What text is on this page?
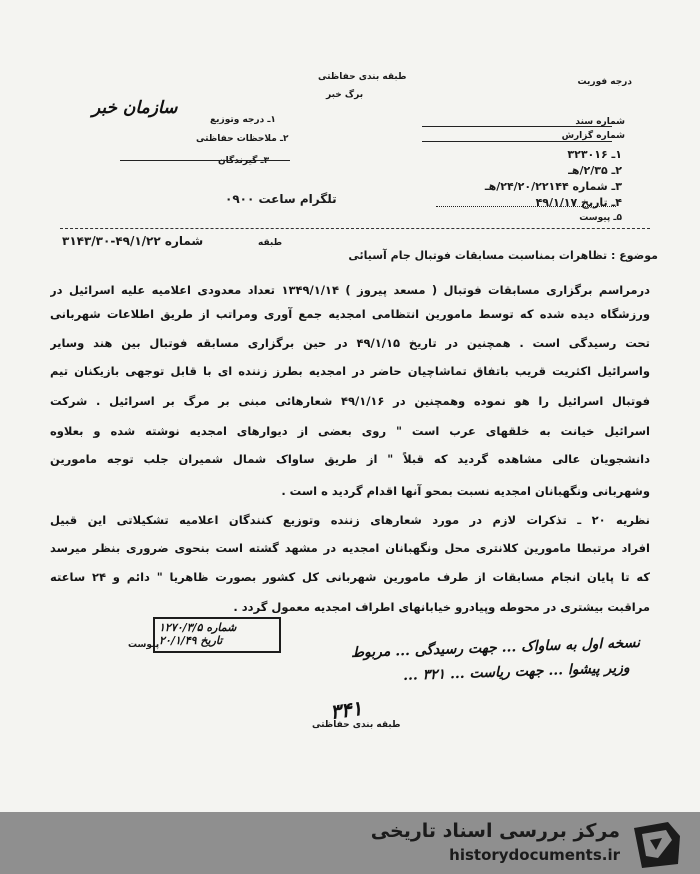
درجه فوریت
طبقه بندی حفاظتی
برگ خبر
۱ـ درجه وتوزیع
۲ـ ملاحظات حفاظتی
۳ـ گیرندگان
سازمان خبر
شماره سند
شماره گزارش
۱ـ ۳۲۳۰۱۶
۲ـ ۲/۳۵/هـ
۳ـ شماره ۲۴/۲۰/۲۲۱۴۴/هـ
۴ـ تاریخ ۴۹/۱/۱۷
۵ـ پیوست
تلگرام ساعت ۰۹۰۰
شماره ۴۹/۱/۲۲-۳۱۴۳/۳۰	طبقه
موضوع : تظاهرات بمناسبت مسابقات فوتبال جام آسیائی
درمراسم برگزاری مسابقات فوتبال ( مسعد پیروز ) ۱۳۴۹/۱/۱۴ تعداد معدودی اعلامیه علیه اسرائیل در
ورزشگاه دیده شده که توسط مامورین انتظامی امجدیه جمع آوری ومراتب از طریق اطلاعات شهربانی
تحت رسیدگی است . همچنین در تاریخ ۴۹/۱/۱۵ در حین برگزاری مسابقه فوتبال بین هند وسایر
واسرائیل اکثریت قریب باتفاق تماشاچیان حاضر در امجدیه بطرز زننده ای با قابل توجهی بازیکنان تیم
فوتبال اسرائیل را هو نموده وهمچنین در ۴۹/۱/۱۶ شعارهائی مبنی بر مرگ بر اسرائیل . شرکت
اسرائیل خیانت به خلقهای عرب است " روی بعضی از دیوارهای امجدیه نوشته شده و بعلاوه
دانشجویان عالی مشاهده گردید که قبلاً " از طریق ساواک شمال شمیران جلب توجه مامورین
وشهربانی ونگهبانان امجدیه نسبت بمحو آنها اقدام گردید ه است .
نظریه ۲۰ ـ تذکرات لازم در مورد شعارهای زننده وتوزیع کنندگان اعلامیه تشکیلاتی این قبیل
افراد مرتبطا مامورین کلانتری محل ونگهبانان امجدیه در مشهد گشته است بنحوی ضروری بنظر میرسد
که تا پایان انجام مسابقات از طرف مامورین شهربانی کل کشور بصورت ظاهریا " دائم و ۲۴ ساعته
مراقبت بیشتری در محوطه وپیادرو خیابانهای اطراف امجدیه معمول گردد .
شماره ۱۲۷۰/۳/۵
تاریخ ۲۰/۱/۴۹
پیوست	نسخه اول به ساواک ... جهت رسیدگی ... مربوط
وزیر پیشوا ... جهت ریاست ... ۳۲۱ ...
۳۴۱
طبقه بندی حفاظتی
مرکز بررسی اسناد تاریخی
historydocuments.ir
